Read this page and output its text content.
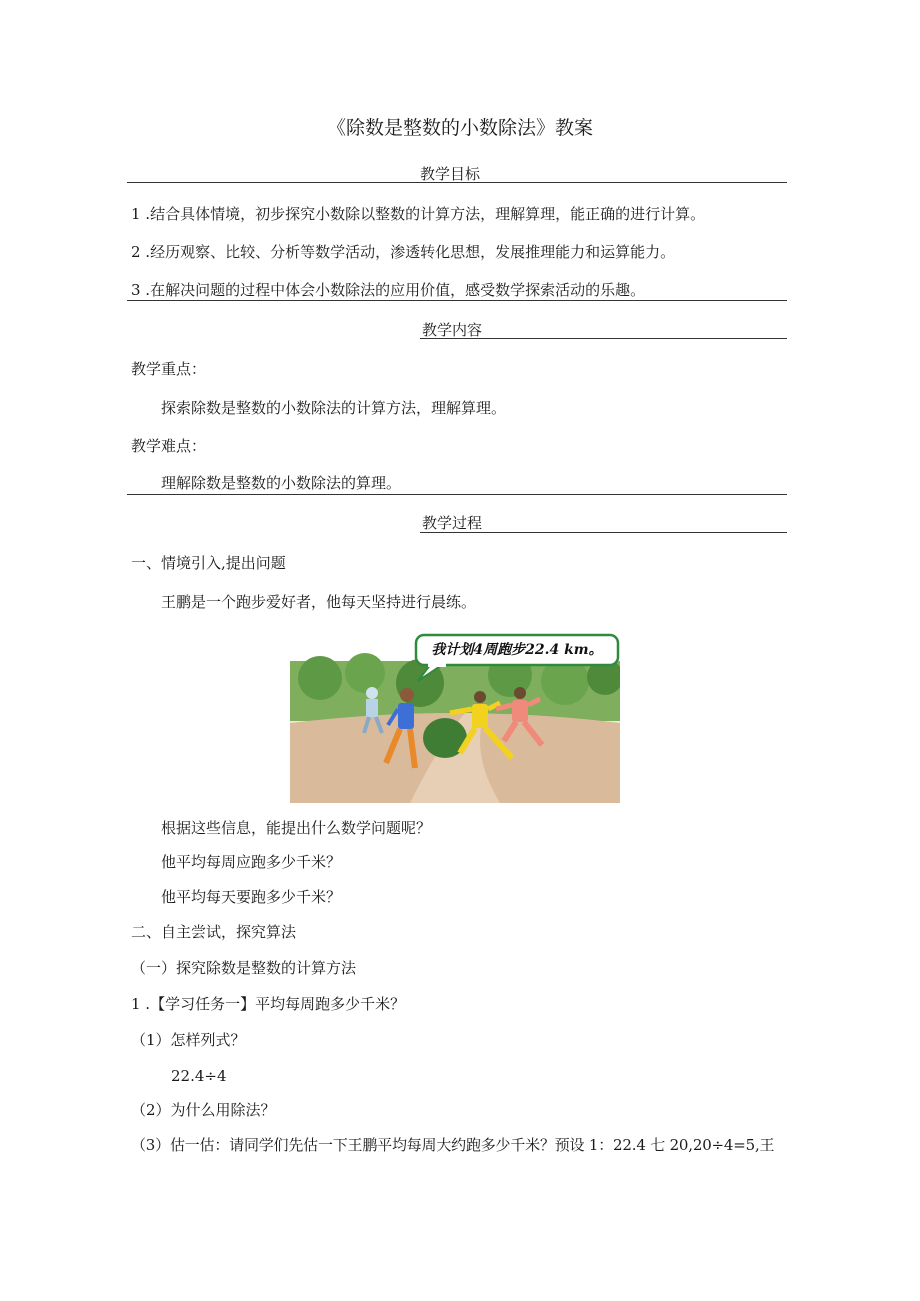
《除数是整数的小数除法》教案
教学目标
1 .结合具体情境，初步探究小数除以整数的计算方法，理解算理，能正确的进行计算。
2 .经历观察、比较、分析等数学活动，渗透转化思想，发展推理能力和运算能力。
3 .在解决问题的过程中体会小数除法的应用价值，感受数学探索活动的乐趣。
教学内容
教学重点：
探索除数是整数的小数除法的计算方法，理解算理。
教学难点：
理解除数是整数的小数除法的算理。
教学过程
一、情境引入,提出问题
王鹏是一个跑步爱好者，他每天坚持进行晨练。
我计划4周跑步22.4 km。
根据这些信息，能提出什么数学问题呢？
他平均每周应跑多少千米？
他平均每天要跑多少千米？
二、自主尝试，探究算法
（一）探究除数是整数的计算方法
1 .【学习任务一】平均每周跑多少千米？
（1）怎样列式？
22.4÷4
（2）为什么用除法？
（3）估一估：请同学们先估一下王鹏平均每周大约跑多少千米？预设 1：22.4 七 20,20÷4=5,王
